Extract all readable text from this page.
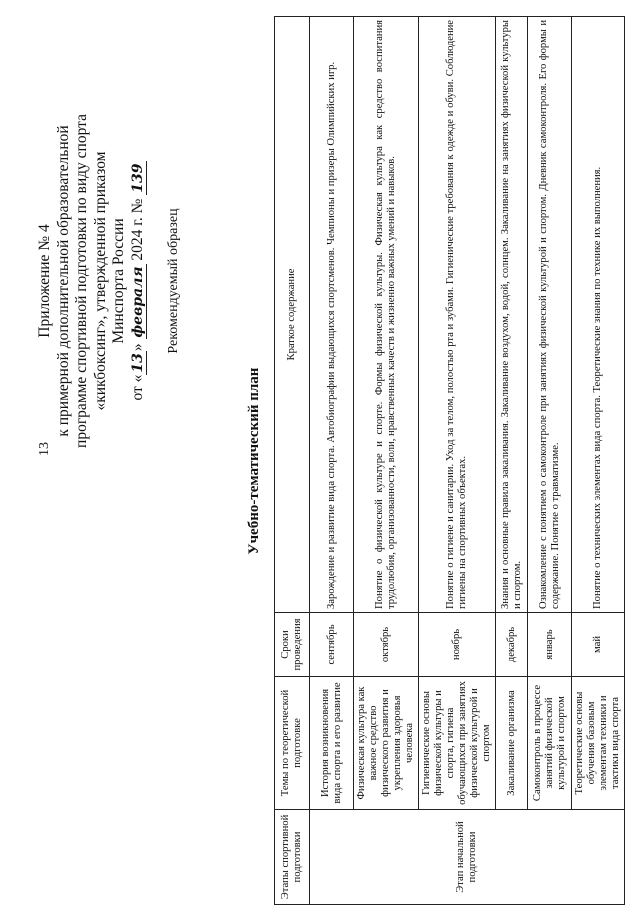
13
Приложение № 4 к примерной дополнительной образовательной программе спортивной подготовки по виду спорта «кикбоксинг», утвержденной приказом Минспорта России
от «13» февраля 2024 г. № 139
Рекомендуемый образец
Учебно-тематический план
Этапы спортивной подготовки	Темы по теоретической подготовке	Сроки проведения	Краткое содержание
Этап начальной подготовки	История возникновения вида спорта и его развитие	сентябрь	Зарождение и развитие вида спорта. Автобиографии выдающихся спортсменов. Чемпионы и призеры Олимпийских игр.
	Физическая культура как важное средство физического развития и укрепления здоровья человека	октябрь	Понятие о физической культуре и спорте. Формы физической культуры. Физическая культура как средство воспитания трудолюбия, организованности, воли, нравственных качеств и жизненно важных умений и навыков.
	Гигиенические основы физической культуры и спорта, гигиена обучающихся при занятиях физической культурой и спортом	ноябрь	Понятие о гигиене и санитарии. Уход за телом, полостью рта и зубами. Гигиенические требования к одежде и обуви. Соблюдение гигиены на спортивных объектах.
	Закаливание организма	декабрь	Знания и основные правила закаливания. Закаливание воздухом, водой, солнцем. Закаливание на занятиях физической культуры и спортом.
	Самоконтроль в процессе занятий физической культурой и спортом	январь	Ознакомление с понятием о самоконтроле при занятиях физической культурой и спортом. Дневник самоконтроля. Его формы и содержание. Понятие о травматизме.
	Теоретические основы обучения базовым элементам техники и тактики вида спорта	май	Понятие о технических элементах вида спорта. Теоретические знания по технике их выполнения.
